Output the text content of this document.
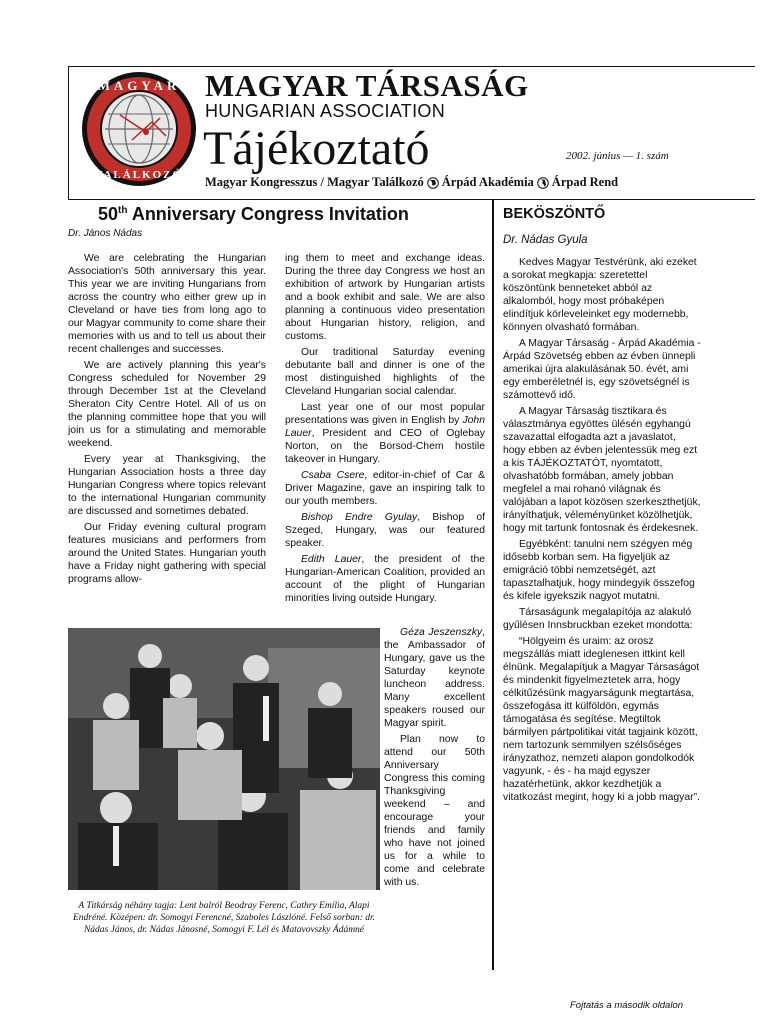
MAGYAR
TALÁLKOZÓ
MAGYAR TÁRSASÁG
HUNGARIAN ASSOCIATION
Tájékoztató	2002. június — 1. szám
Magyar Kongresszus / Magyar Találkozó Árpád Akadémia Árpad Rend
50th Anniversary Congress Invitation
Dr. János Nádas

We are celebrating the Hungarian Association's 50th anniversary this year. This year we are inviting Hungarians from across the country who either grew up in Cleveland or have ties from long ago to our Magyar community to come share their memories with us and to tell us about their recent challenges and successes.

We are actively planning this year's Congress scheduled for November 29 through December 1st at the Cleveland Sheraton City Centre Hotel. All of us on the planning committee hope that you will join us for a stimulating and memorable weekend.

Every year at Thanksgiving, the Hungarian Association hosts a three day Hungarian Congress where topics relevant to the international Hungarian community are discussed and sometimes debated.

Our Friday evening cultural program features musicians and performers from around the United States. Hungarian youth have a Friday night gathering with special programs allow-

ing them to meet and exchange ideas. During the three day Congress we host an exhibition of artwork by Hungarian artists and a book exhibit and sale. We are also planning a continuous video presentation about Hungarian history, religion, and customs.

Our traditional Saturday evening debutante ball and dinner is one of the most distinguished highlights of the Cleveland Hungarian social calendar.

Last year one of our most popular presentations was given in English by John Lauer, President and CEO of Oglebay Norton, on the Borsod-Chem hostile takeover in Hungary.

Csaba Csere, editor-in-chief of Car & Driver Magazine, gave an inspiring talk to our youth members.

Bishop Endre Gyulay, Bishop of Szeged, Hungary, was our featured speaker.

Edith Lauer, the president of the Hungarian-American Coalition, provided an account of the plight of Hungarian minorities living outside Hungary.

Géza Jeszenszky, the Ambassador of Hungary, gave us the Saturday keynote luncheon address. Many excellent speakers roused our Magyar spirit.

Plan now to attend our 50th Anniversary Congress this coming Thanksgiving weekend – and encourage your friends and family who have not joined us for a while to come and celebrate with us.

A Titkárság néhány tagja: Lent balról Beodray Ferenc, Cathry Emília, Alapi Endréné. Középen: dr. Somogyi Ferencné, Szaboles Lászlóné. Felső sorban: dr. Nádas János, dr. Nádas Jánosné, Somogyi F. Lél és Matavovszky Ádámné
BEKÖSZÖNTŐ
Dr. Nádas Gyula

Kedves Magyar Testvérünk, aki ezeket a sorokat megkapja: szeretettel köszöntünk benneteket abból az alkalomból, hogy most próbaképen elindítjuk körleveleinket egy modernebb, könnyen olvasható formában.

A Magyar Társaság - Árpád Akadémia - Árpád Szövetség ebben az évben ünnepli amerikai újra alakulásának 50. évét, ami egy emberéletnél is, egy szövetségnél is számottevő idő.

A Magyar Társaság tisztikara és választmánya egyöttes ülésén egyhangú szavazattal elfogadta azt a javaslatot, hogy ebben az évben jelentessük meg ezt a kis TÁJÉKOZTATÓT, nyomtatott, olvashatóbb formában, amely jobban megfelel a mai rohanó világnak és valójában a lapot közösen szerkeszthetjük, irányíthatjuk, véleményünket közölhetjük, hogy mit tartunk fontosnak és érdekesnek.

Egyébként: tanulni nem szégyen még idősebb korban sem. Ha figyeljük az emigráció többi nemzetségét, azt tapasztalhatjuk, hogy mindegyik összefog és kifele igyekszik nagyot mutatni.

Társaságunk megalapítója az alakuló gyűlésen Innsbruckban ezeket mondotta:

“Hölgyeim és uraim: az orosz megszállás miatt ideglenesen ittkint kell élnünk. Megalapítjuk a Magyar Társaságot és mindenkit figyelmeztetek arra, hogy célkitűzésünk magyarságunk megtartása, összefogása itt külföldön, egymás támogatása és segítése. Megtiltok bármilyen pártpolitikai vitát tagjaink között, nem tartozunk semmilyen szélsőséges irányzathoz, nemzeti alapon gondolkodók vagyunk, - és - ha majd egyszer hazatérhetünk, akkor kezdhetjük a vitatkozást megint, hogy ki a jobb magyar”.

Fojtatás a második oldalon
